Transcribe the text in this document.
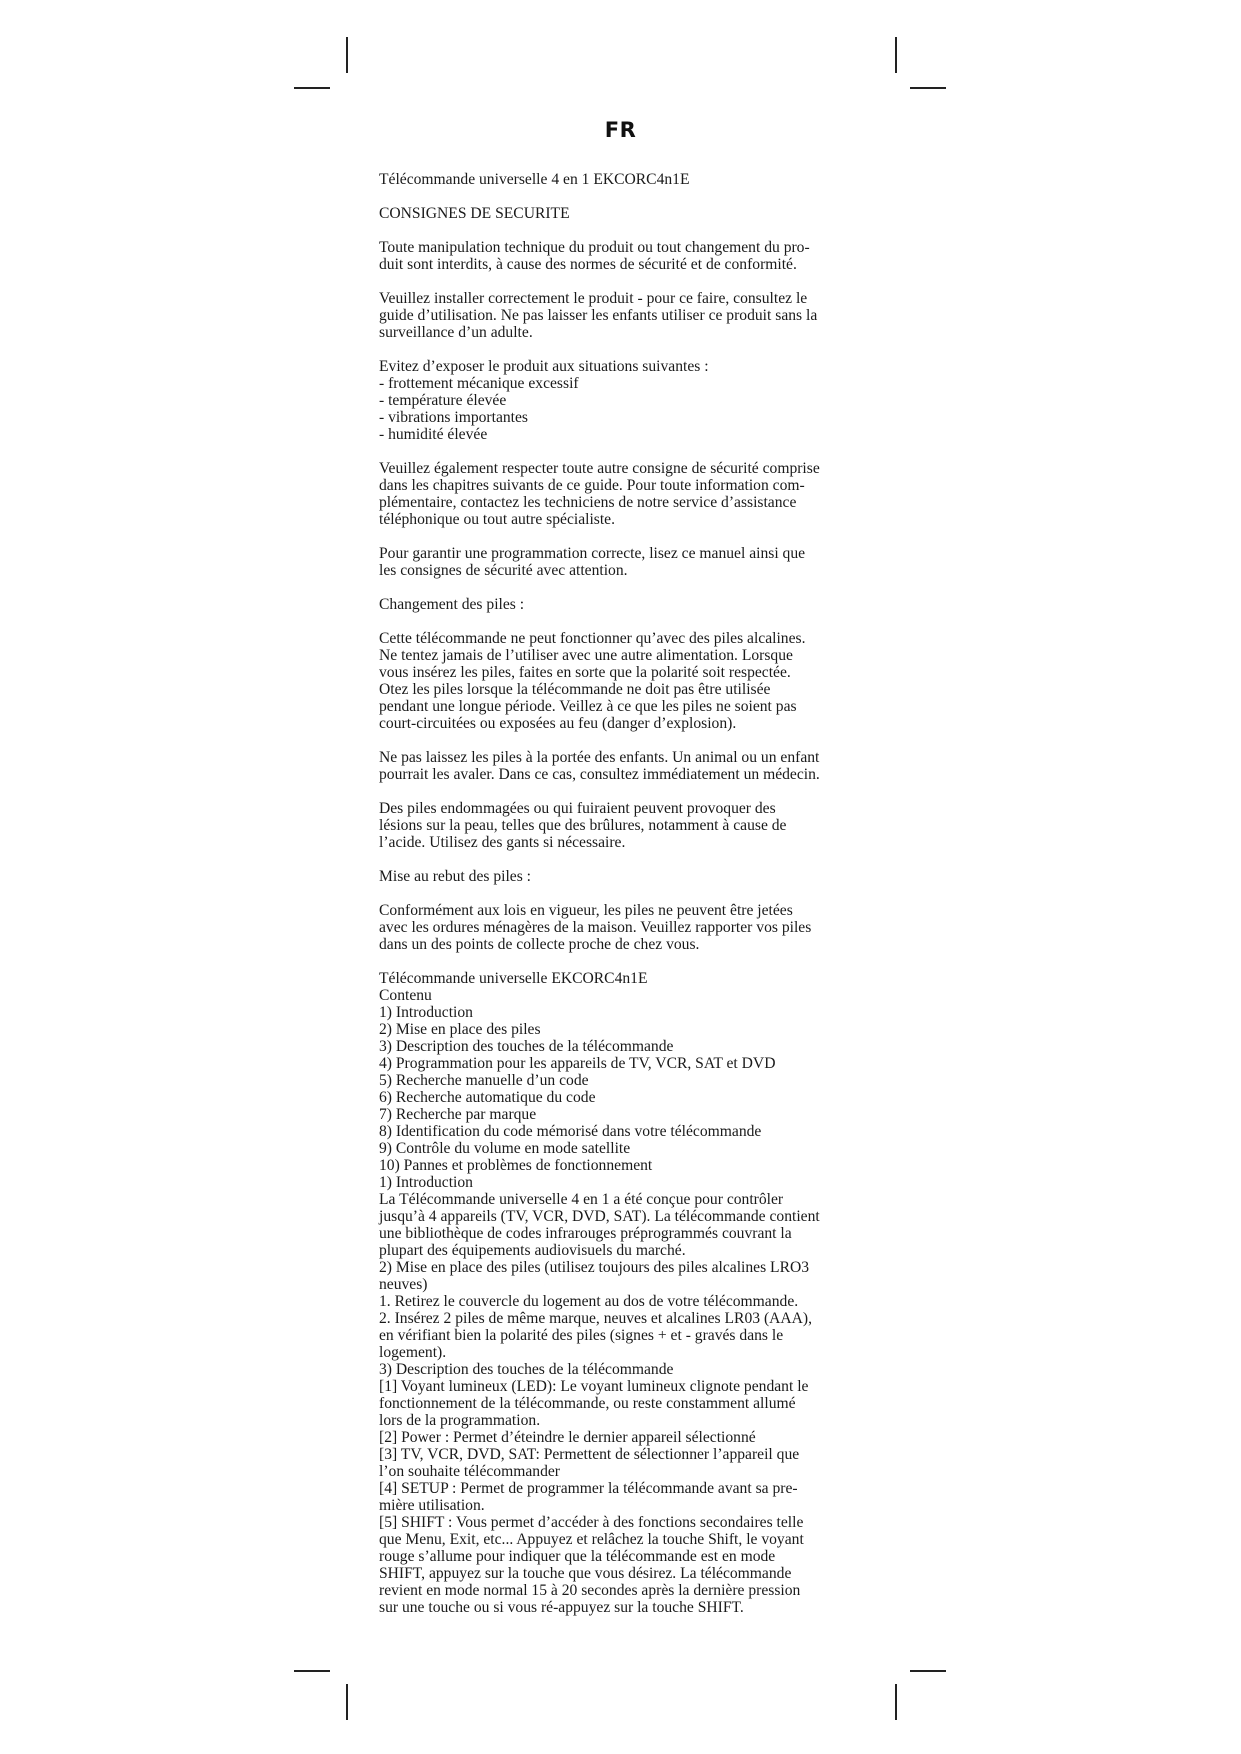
FR

Télécommande universelle 4 en 1 EKCORC4n1E

CONSIGNES DE SECURITE

Toute manipulation technique du produit ou tout changement du pro-
duit sont interdits, à cause des normes de sécurité et de conformité.

Veuillez installer correctement le produit - pour ce faire, consultez le
guide d’utilisation. Ne pas laisser les enfants utiliser ce produit sans la
surveillance d’un adulte.

Evitez d’exposer le produit aux situations suivantes :
- frottement mécanique excessif
- température élevée
- vibrations importantes
- humidité élevée

Veuillez également respecter toute autre consigne de sécurité comprise
dans les chapitres suivants de ce guide. Pour toute information com-
plémentaire, contactez les techniciens de notre service d’assistance
téléphonique ou tout autre spécialiste.

Pour garantir une programmation correcte, lisez ce manuel ainsi que
les consignes de sécurité avec attention.

Changement des piles :

Cette télécommande ne peut fonctionner qu’avec des piles alcalines.
Ne tentez jamais de l’utiliser avec une autre alimentation. Lorsque
vous insérez les piles, faites en sorte que la polarité soit respectée.
Otez les piles lorsque la télécommande ne doit pas être utilisée
pendant une longue période. Veillez à ce que les piles ne soient pas
court-circuitées ou exposées au feu (danger d’explosion).

Ne pas laissez les piles à la portée des enfants. Un animal ou un enfant
pourrait les avaler. Dans ce cas, consultez immédiatement un médecin.

Des piles endommagées ou qui fuiraient peuvent provoquer des
lésions sur la peau, telles que des brûlures, notamment à cause de
l’acide. Utilisez des gants si nécessaire.

Mise au rebut des piles :

Conformément aux lois en vigueur, les piles ne peuvent être jetées
avec les ordures ménagères de la maison. Veuillez rapporter vos piles
dans un des points de collecte proche de chez vous.

Télécommande universelle EKCORC4n1E

Contenu

1) Introduction

2) Mise en place des piles

3) Description des touches de la télécommande

4) Programmation pour les appareils de TV, VCR, SAT et DVD

5) Recherche manuelle d’un code

6) Recherche automatique du code

7) Recherche par marque

8) Identification du code mémorisé dans votre télécommande

9) Contrôle du volume en mode satellite

10) Pannes et problèmes de fonctionnement

1) Introduction

La Télécommande universelle 4 en 1 a été conçue pour contrôler
jusqu’à 4 appareils (TV, VCR, DVD, SAT). La télécommande contient
une bibliothèque de codes infrarouges préprogrammés couvrant la
plupart des équipements audiovisuels du marché.

2) Mise en place des piles (utilisez toujours des piles alcalines LRO3
neuves)

1. Retirez le couvercle du logement au dos de votre télécommande.

2. Insérez 2 piles de même marque, neuves et alcalines LR03 (AAA),
en vérifiant bien la polarité des piles (signes + et - gravés dans le
logement).

3) Description des touches de la télécommande

[1] Voyant lumineux (LED): Le voyant lumineux clignote pendant le
fonctionnement de la télécommande, ou reste constamment allumé
lors de la programmation.

[2] Power : Permet d’éteindre le dernier appareil sélectionné

[3] TV, VCR, DVD, SAT: Permettent de sélectionner l’appareil que
l’on souhaite télécommander

[4] SETUP : Permet de programmer la télécommande avant sa pre-
mière utilisation.

[5] SHIFT : Vous permet d’accéder à des fonctions secondaires telle
que Menu, Exit, etc... Appuyez et relâchez la touche Shift, le voyant
rouge s’allume pour indiquer que la télécommande est en mode
SHIFT, appuyez sur la touche que vous désirez. La télécommande
revient en mode normal 15 à 20 secondes après la dernière pression
sur une touche ou si vous ré-appuyez sur la touche SHIFT.
